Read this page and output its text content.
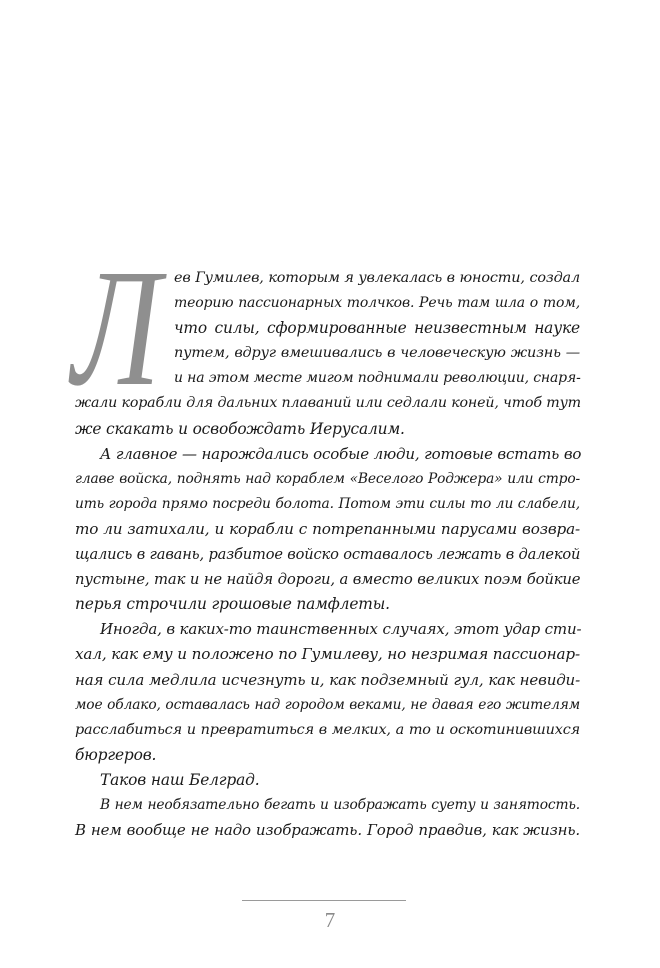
Л ев Гумилев, которым я увлекалась в юности, создал
теорию пассионарных толчков. Речь там шла о том,
что силы, сформированные неизвестным науке
путем, вдруг вмешивались в человеческую жизнь —
и на этом месте мигом поднимали революции, снаря-
жали корабли для дальних плаваний или седлали коней, чтоб тут
же скакать и освобождать Иерусалим.
А главное — нарождались особые люди, готовые встать во
главе войска, поднять над кораблем «Веселого Роджера» или стро-
ить города прямо посреди болота. Потом эти силы то ли слабели,
то ли затихали, и корабли с потрепанными парусами возвра-
щались в гавань, разбитое войско оставалось лежать в далекой
пустыне, так и не найдя дороги, а вместо великих поэм бойкие
перья строчили грошовые памфлеты.
Иногда, в каких-то таинственных случаях, этот удар сти-
хал, как ему и положено по Гумилеву, но незримая пассионар-
ная сила медлила исчезнуть и, как подземный гул, как невиди-
мое облако, оставалась над городом веками, не давая его жителям
расслабиться и превратиться в мелких, а то и оскотинившихся
бюргеров.
Таков наш Белград.
В нем необязательно бегать и изображать суету и занятость.
В нем вообще не надо изображать. Город правдив, как жизнь.
7
